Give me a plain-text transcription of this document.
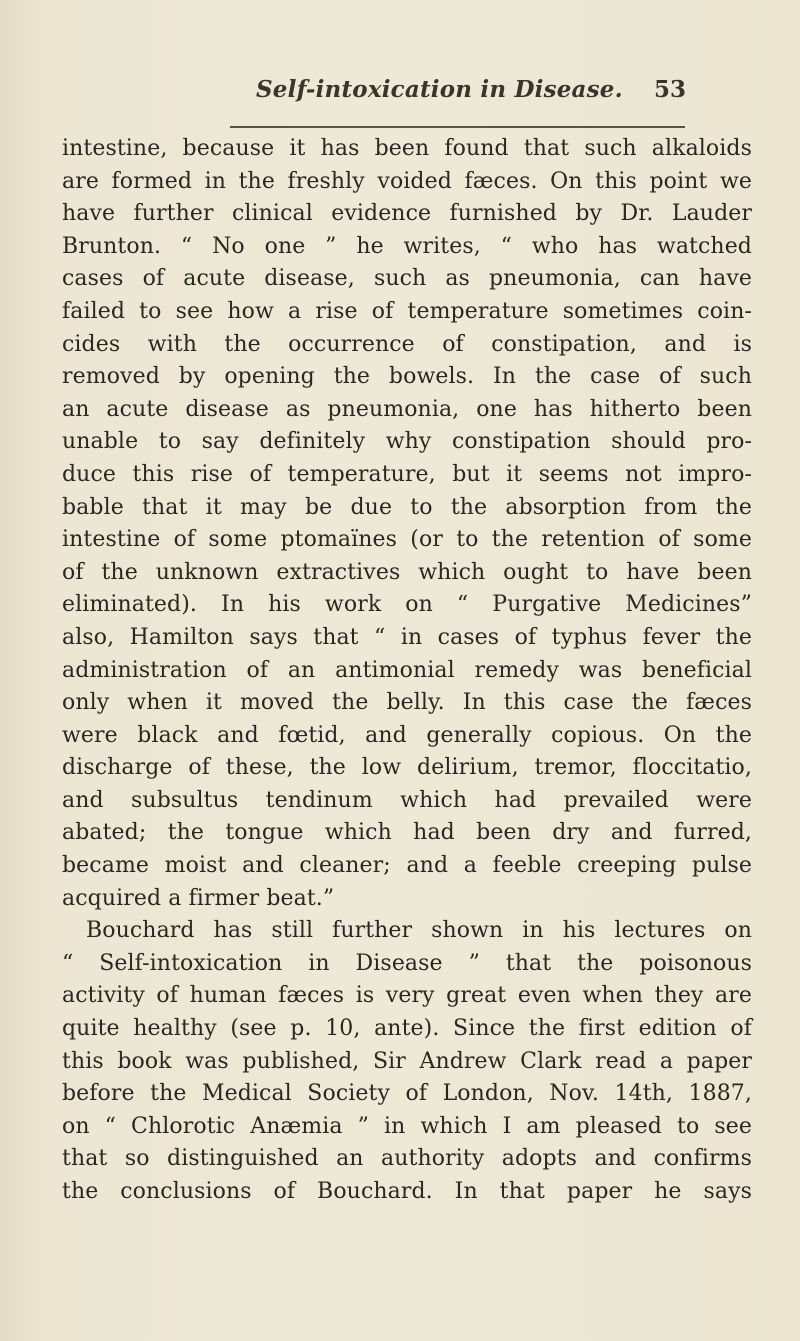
Self-intoxication in Disease. 53
intestine, because it has been found that such alkaloids
are formed in the freshly voided fæces. On this point we
have further clinical evidence furnished by Dr. Lauder
Brunton. “ No one ” he writes, “ who has watched
cases of acute disease, such as pneumonia, can have
failed to see how a rise of temperature sometimes coin-
cides with the occurrence of constipation, and is
removed by opening the bowels. In the case of such
an acute disease as pneumonia, one has hitherto been
unable to say definitely why constipation should pro-
duce this rise of temperature, but it seems not impro-
bable that it may be due to the absorption from the
intestine of some ptomaïnes (or to the retention of some
of the unknown extractives which ought to have been
eliminated). In his work on “ Purgative Medicines”
also, Hamilton says that “ in cases of typhus fever the
administration of an antimonial remedy was beneficial
only when it moved the belly. In this case the fæces
were black and fœtid, and generally copious. On the
discharge of these, the low delirium, tremor, floccitatio,
and subsultus tendinum which had prevailed were
abated; the tongue which had been dry and furred,
became moist and cleaner; and a feeble creeping pulse
acquired a firmer beat.”
Bouchard has still further shown in his lectures on
“ Self-intoxication in Disease ” that the poisonous
activity of human fæces is very great even when they are
quite healthy (see p. 10, ante). Since the first edition of
this book was published, Sir Andrew Clark read a paper
before the Medical Society of London, Nov. 14th, 1887,
on “ Chlorotic Anæmia ” in which I am pleased to see
that so distinguished an authority adopts and confirms
the conclusions of Bouchard. In that paper he says
